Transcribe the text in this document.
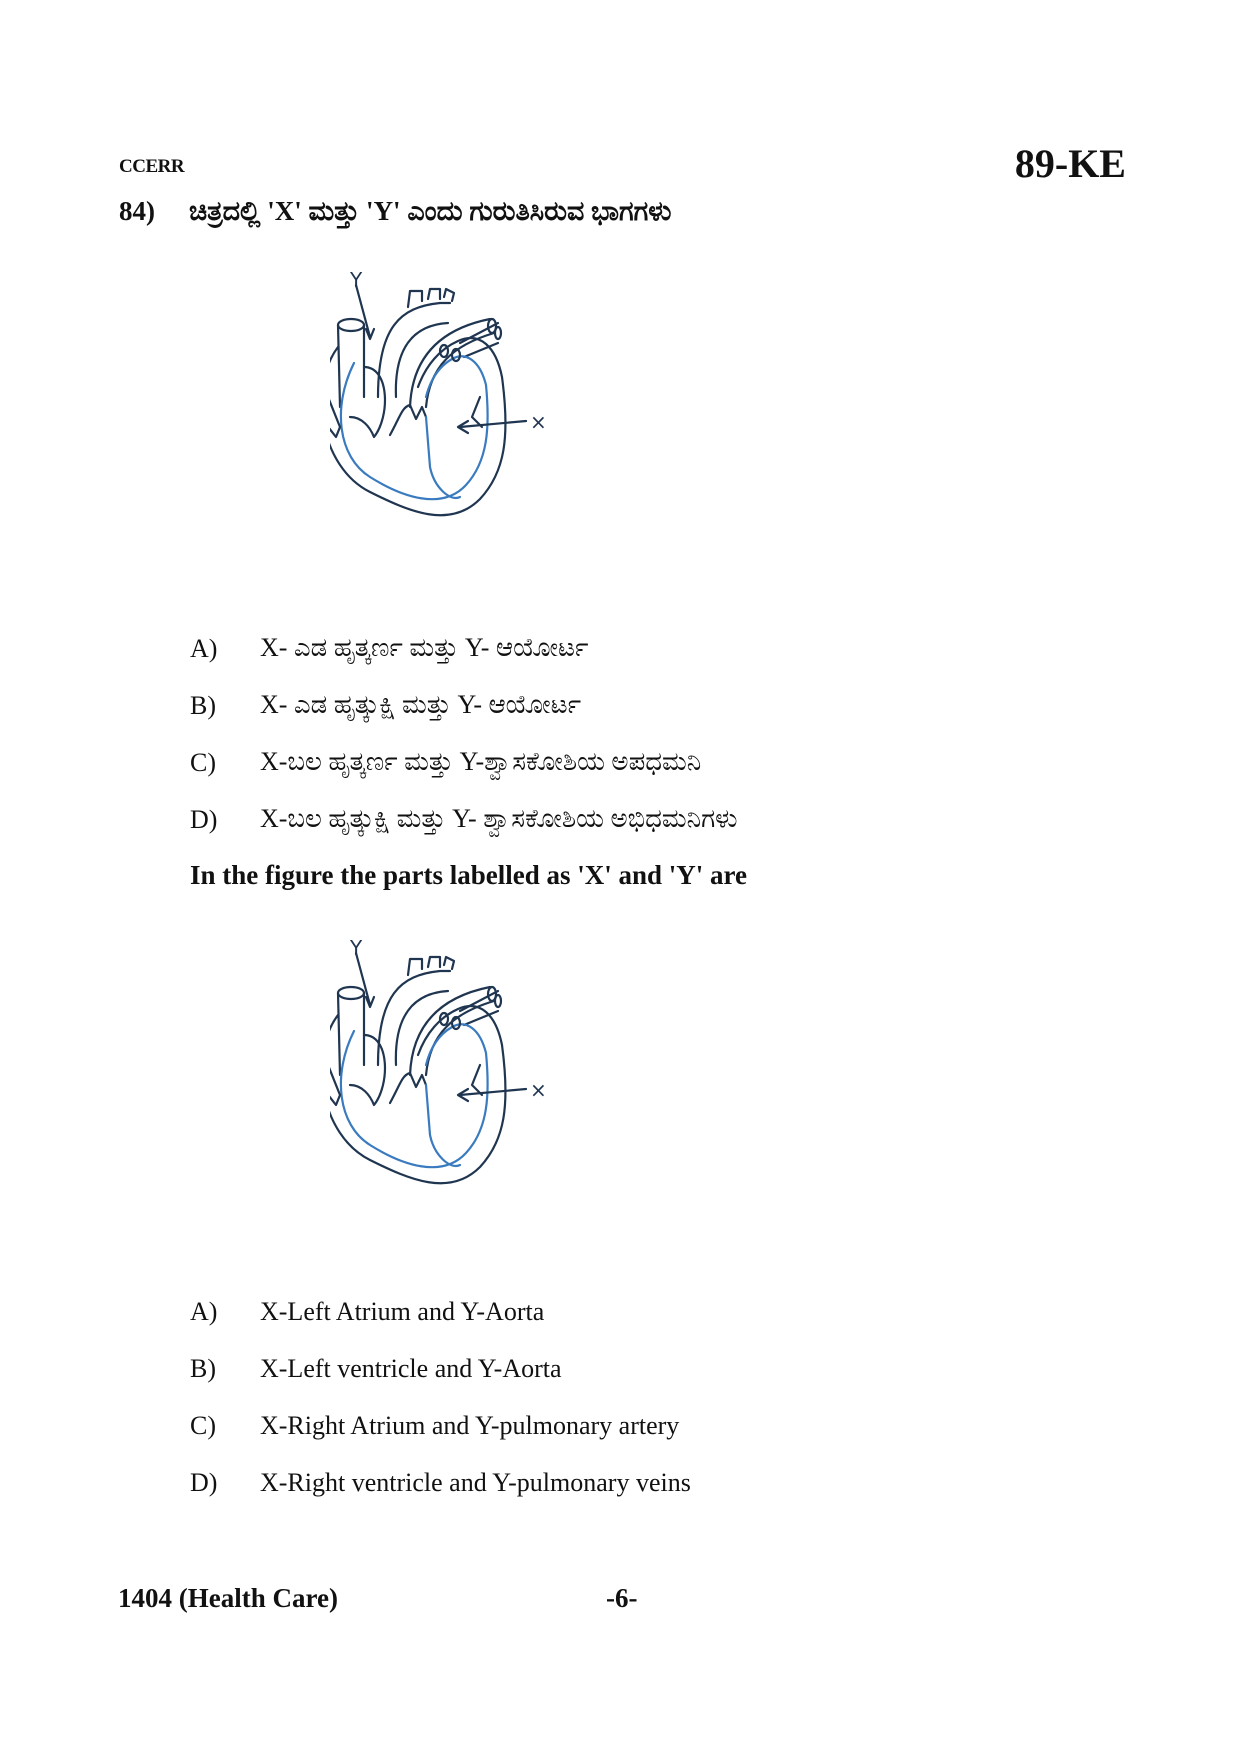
CCERR	89-KE
84)	ಚಿತ್ರದಲ್ಲಿ 'X' ಮತ್ತು 'Y' ಎಂದು ಗುರುತಿಸಿರುವ ಭಾಗಗಳು
Y
×
A)	X- ಎಡ ಹೃತ್ಕರ್ಣ ಮತ್ತು Y- ಆಯೋರ್ಟ
B)	X- ಎಡ ಹೃತ್ಕುಕ್ಷಿ ಮತ್ತು Y- ಆಯೋರ್ಟ
C)	X-ಬಲ ಹೃತ್ಕರ್ಣ ಮತ್ತು Y-ಶ್ವಾಸಕೋಶಿಯ ಅಪಧಮನಿ
D)	X-ಬಲ ಹೃತ್ಕುಕ್ಷಿ ಮತ್ತು Y- ಶ್ವಾಸಕೋಶಿಯ ಅಭಿಧಮನಿಗಳು
In the figure the parts labelled as 'X' and 'Y' are
Y
×
A)	X-Left Atrium and Y-Aorta
B)	X-Left ventricle and Y-Aorta
C)	X-Right Atrium and Y-pulmonary artery
D)	X-Right ventricle and Y-pulmonary veins
1404 (Health Care)	-6-
